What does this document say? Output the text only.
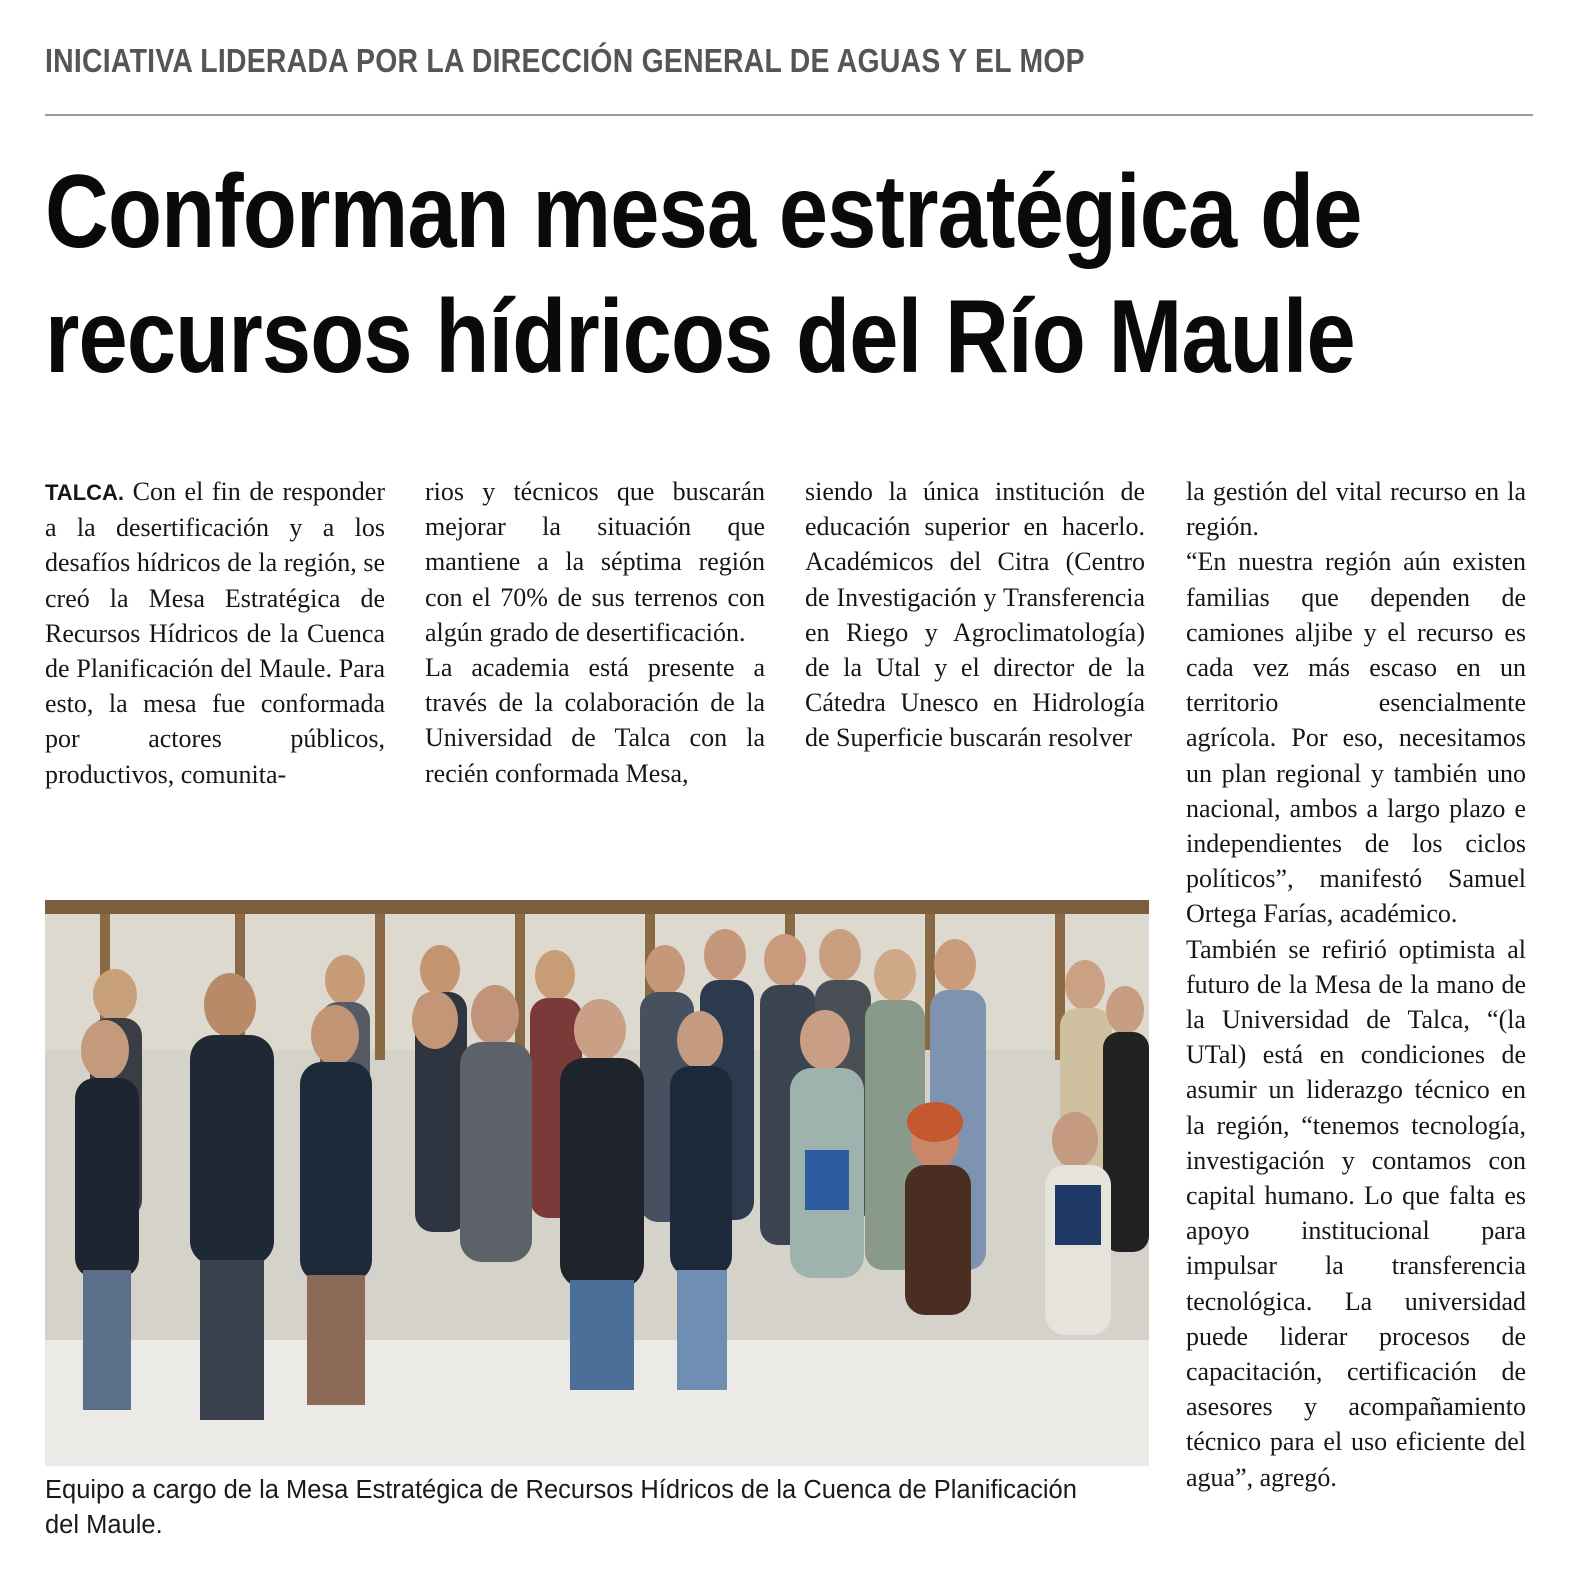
INICIATIVA LIDERADA POR LA DIRECCIÓN GENERAL DE AGUAS Y EL MOP
Conforman mesa estratégica de
recursos hídricos del Río Maule

TALCA. Con el fin de responder a la desertificación y a los desafíos hídricos de la región, se creó la Mesa Estratégica de Recursos Hídricos de la Cuenca de Planificación del Maule. Para esto, la mesa fue conformada por actores públicos, productivos, comunita-

rios y técnicos que buscarán mejorar la situación que mantiene a la séptima región con el 70% de sus terrenos con algún grado de desertificación.

La academia está presente a través de la colaboración de la Universidad de Talca con la recién conformada Mesa,

siendo la única institución de educación superior en hacerlo. Académicos del Citra (Centro de Investigación y Transferencia en Riego y Agroclimatología) de la Utal y el director de la Cátedra Unesco en Hidrología de Superficie buscarán resolver

la gestión del vital recurso en la región.

“En nuestra región aún existen familias que dependen de camiones aljibe y el recurso es cada vez más escaso en un territorio esencialmente agrícola. Por eso, necesitamos un plan regional y también uno nacional, ambos a largo plazo e independientes de los ciclos políticos”, manifestó Samuel Ortega Farías, académico.

También se refirió optimista al futuro de la Mesa de la mano de la Universidad de Talca, “(la UTal) está en condiciones de asumir un liderazgo técnico en la región, “tenemos tecnología, investigación y contamos con capital humano. Lo que falta es apoyo institucional para impulsar la transferencia tecnológica. La universidad puede liderar procesos de capacitación, certificación de asesores y acompañamiento técnico para el uso eficiente del agua”, agregó.

Equipo a cargo de la Mesa Estratégica de Recursos Hídricos de la Cuenca de Planificación
del Maule.
